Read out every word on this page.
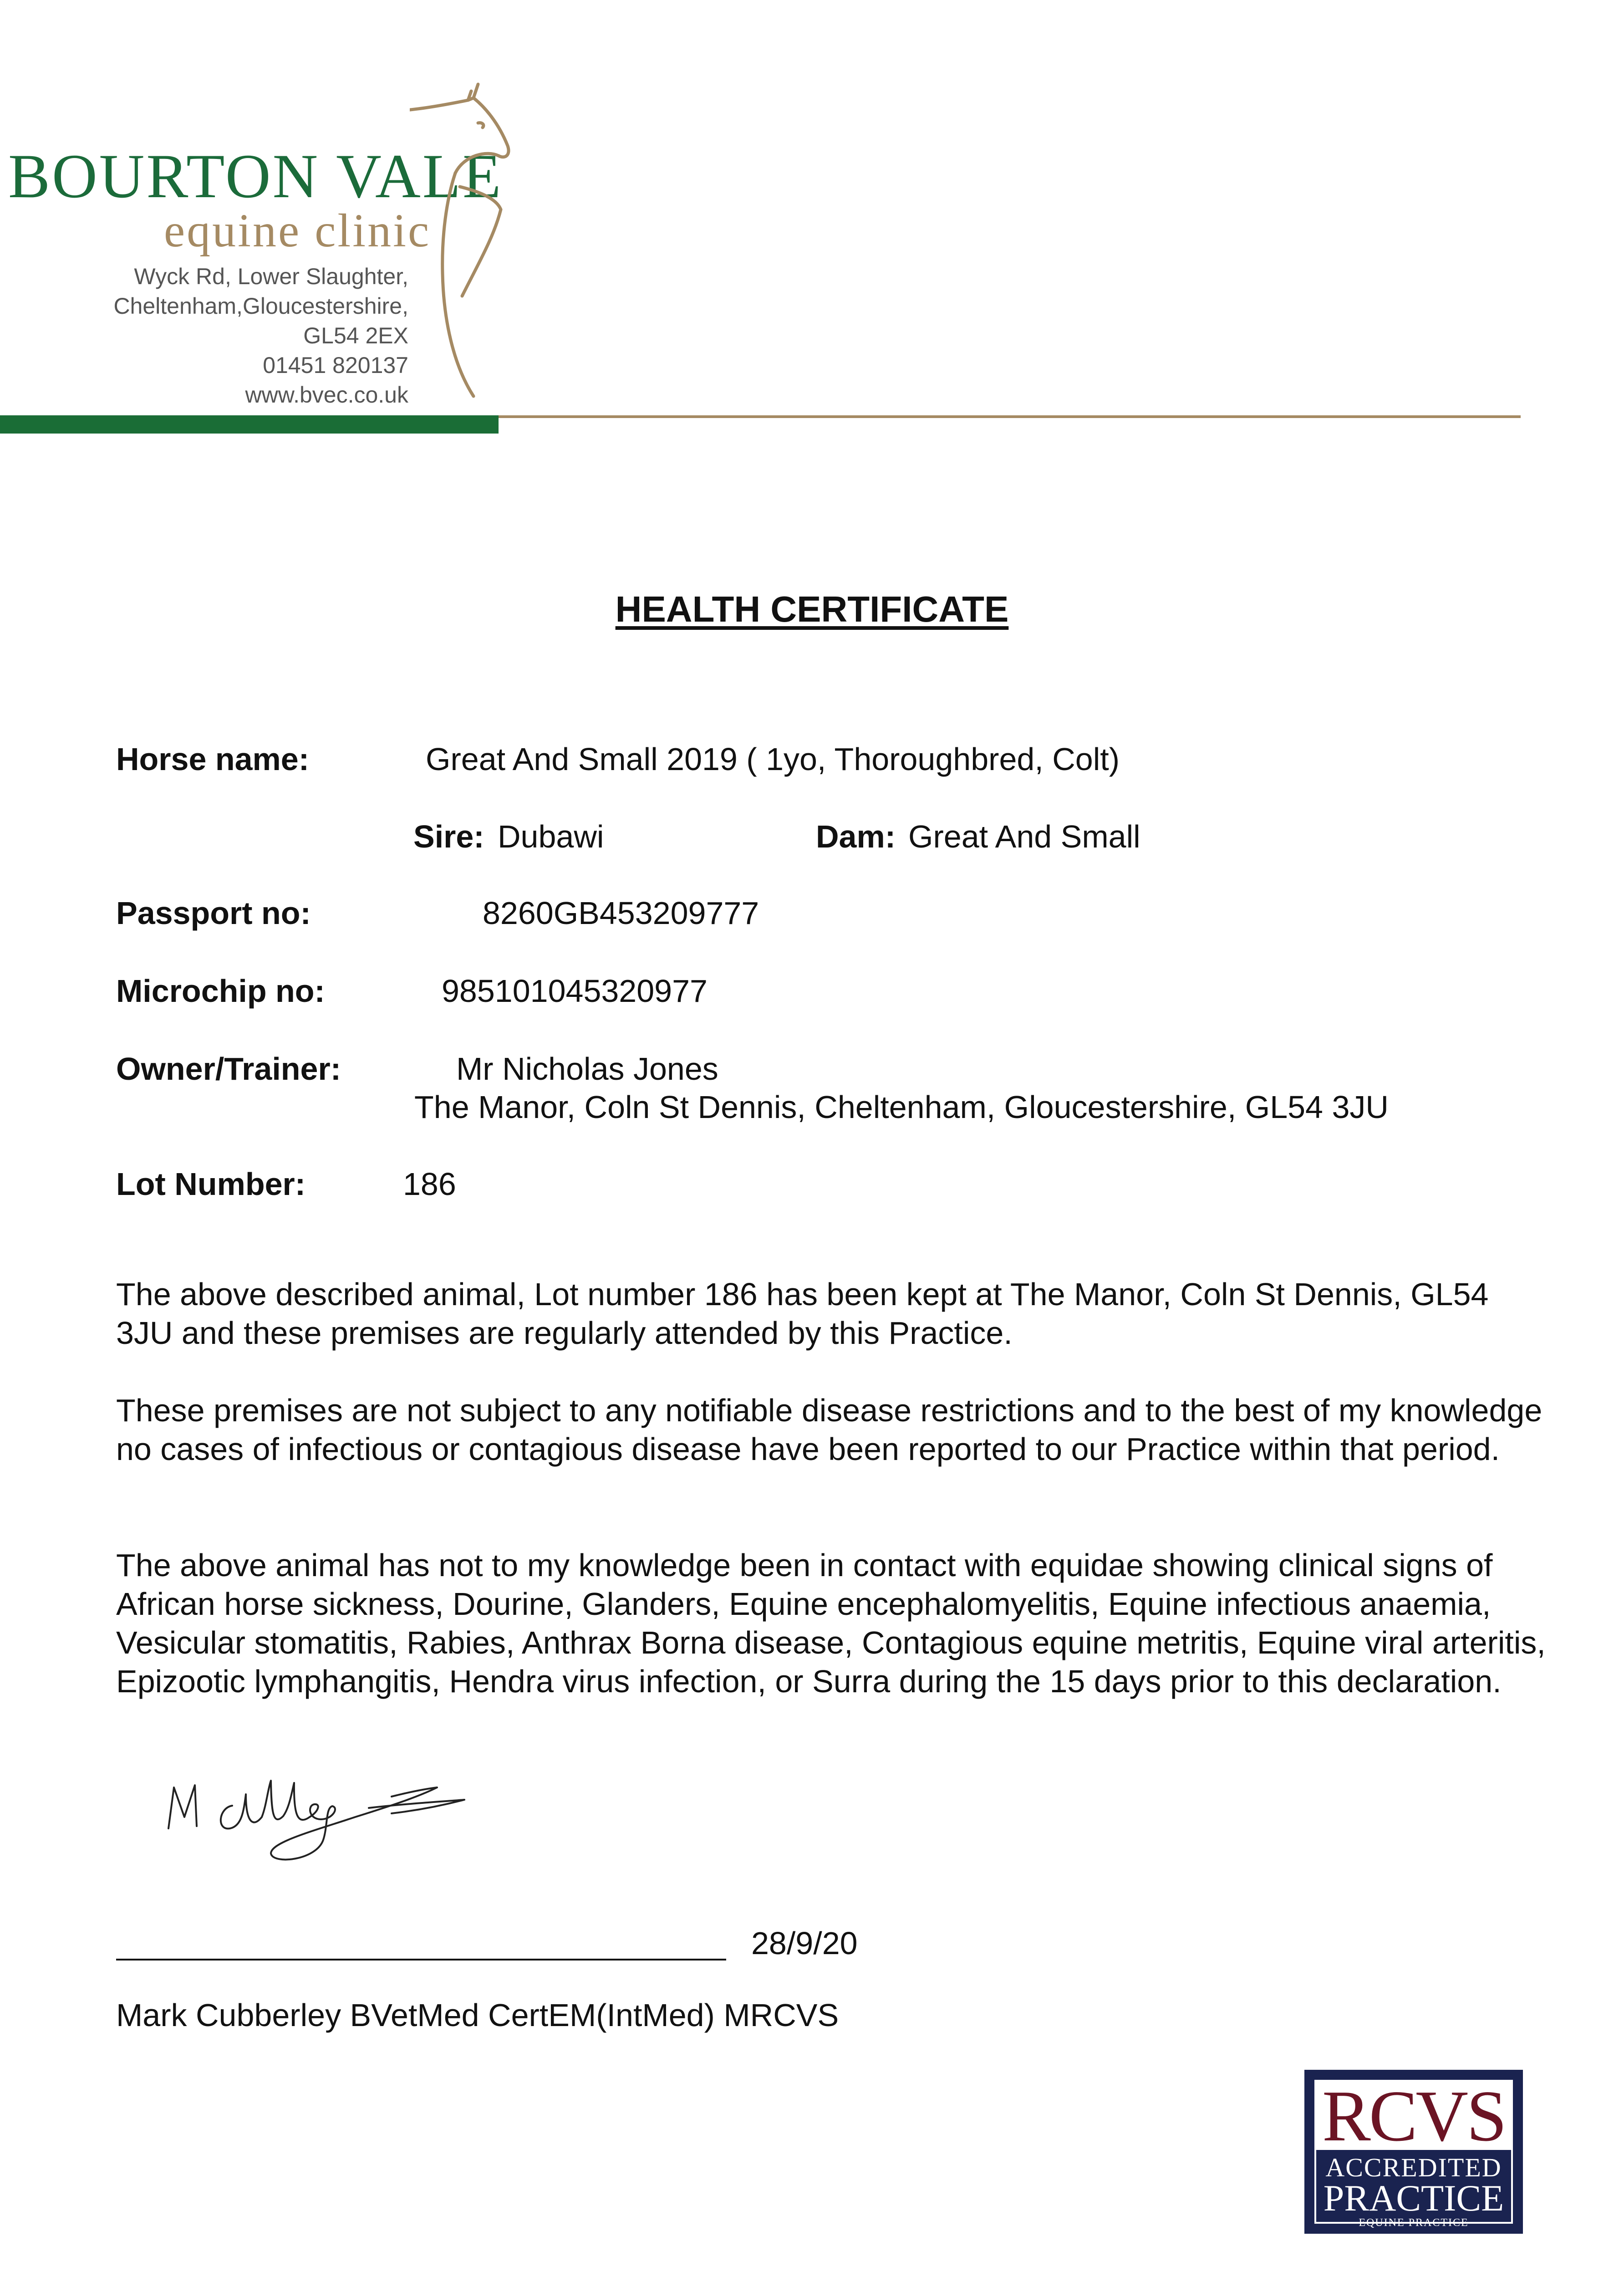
BOURTON VALE
equine clinic
Wyck Rd, Lower Slaughter,
Cheltenham,Gloucestershire,
GL54 2EX
01451 820137
www.bvec.co.uk
HEALTH CERTIFICATE
Horse name:	Great And Small 2019 ( 1yo, Thoroughbred, Colt)
Sire: Dubawi	Dam: Great And Small
Passport no:	8260GB453209777
Microchip no:	985101045320977
Owner/Trainer:	Mr Nicholas Jones
The Manor, Coln St Dennis, Cheltenham, Gloucestershire, GL54 3JU
Lot Number:	186
The above described animal, Lot number 186 has been kept at The Manor, Coln St Dennis, GL54 3JU and these premises are regularly attended by this Practice.
These premises are not subject to any notifiable disease restrictions and to the best of my knowledge no cases of infectious or contagious disease have been reported to our Practice within that period.
The above animal has not to my knowledge been in contact with equidae showing clinical signs of African horse sickness, Dourine, Glanders, Equine encephalomyelitis, Equine infectious anaemia, Vesicular stomatitis, Rabies, Anthrax Borna disease, Contagious equine metritis, Equine viral arteritis, Epizootic lymphangitis, Hendra virus infection, or Surra during the 15 days prior to this declaration.
28/9/20
Mark Cubberley BVetMed CertEM(IntMed) MRCVS
RCVS
ACCREDITED
PRACTICE
EQUINE PRACTICE
